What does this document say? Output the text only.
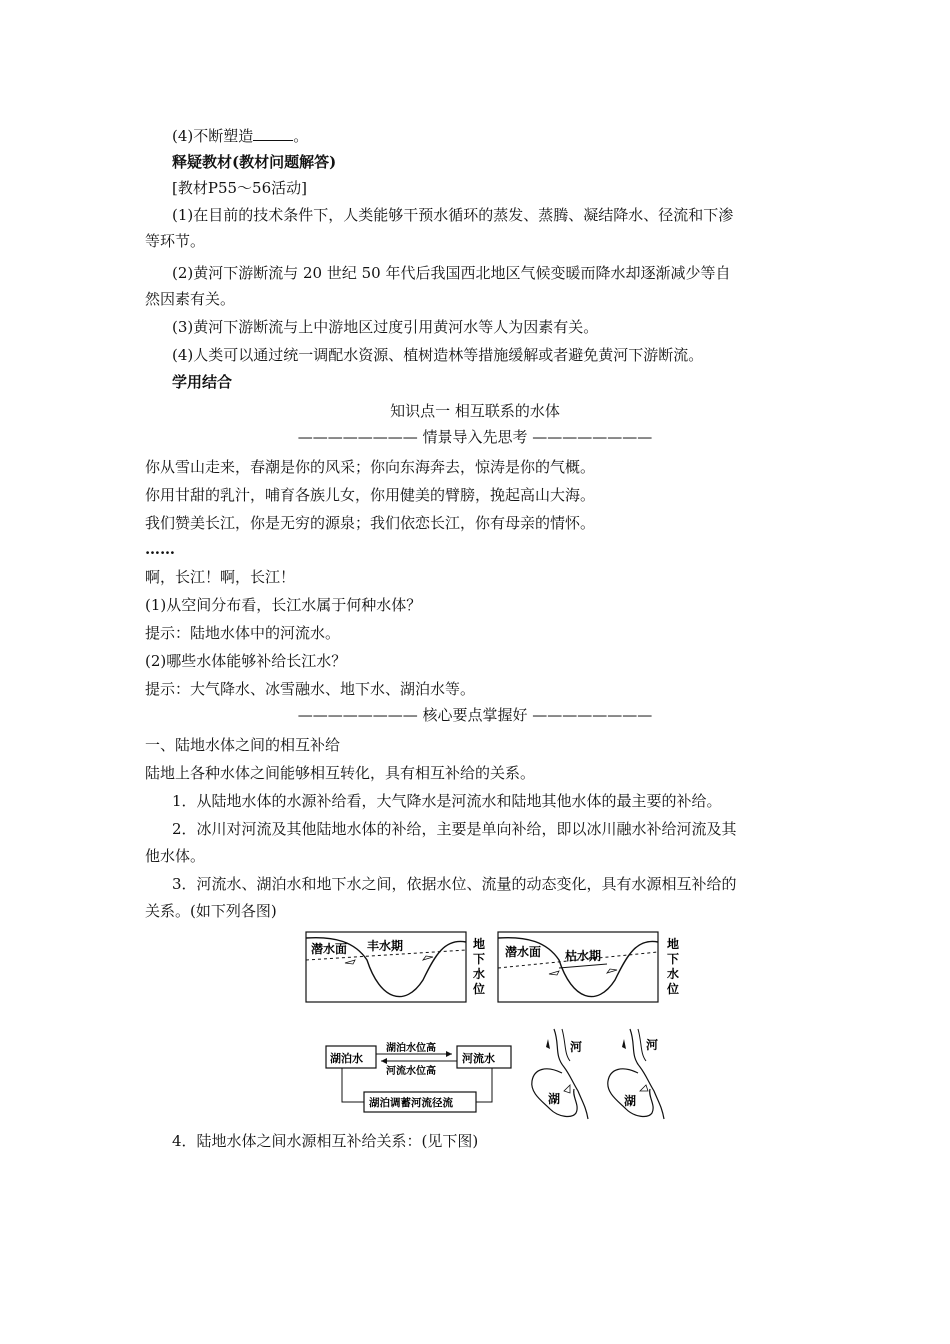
(4)不断塑造	。
释疑教材(教材问题解答)
[教材P55～56活动]
(1)在目前的技术条件下，人类能够干预水循环的蒸发、蒸腾、凝结降水、径流和下渗
等环节。
(2)黄河下游断流与 20 世纪 50 年代后我国西北地区气候变暖而降水却逐渐减少等自
然因素有关。
(3)黄河下游断流与上中游地区过度引用黄河水等人为因素有关。
(4)人类可以通过统一调配水资源、植树造林等措施缓解或者避免黄河下游断流。
学用结合
知识点一 相互联系的水体
———————— 情景导入先思考 ————————
你从雪山走来，春潮是你的风采；你向东海奔去，惊涛是你的气概。
你用甘甜的乳汁，哺育各族儿女，你用健美的臂膀，挽起高山大海。
我们赞美长江，你是无穷的源泉；我们依恋长江，你有母亲的情怀。
……
啊，长江！啊，长江！
(1)从空间分布看，长江水属于何种水体？
提示：陆地水体中的河流水。
(2)哪些水体能够补给长江水？
提示：大气降水、冰雪融水、地下水、湖泊水等。
———————— 核心要点掌握好 ————————
一、陆地水体之间的相互补给
陆地上各种水体之间能够相互转化，具有相互补给的关系。
1．从陆地水体的水源补给看，大气降水是河流水和陆地其他水体的最主要的补给。
2．冰川对河流及其他陆地水体的补给，主要是单向补给，即以冰川融水补给河流及其
他水体。
3．河流水、湖泊水和地下水之间，依据水位、流量的动态变化，具有水源相互补给的
关系。(如下列各图)
4．陆地水体之间水源相互补给关系：(见下图)
潜水面 丰水期	地
下
水
位
潜水面 枯水期
地
下
水
位
湖泊水	河流水
湖泊水位高
河流水位高
湖泊调蓄河流径流
河
湖
河
湖
